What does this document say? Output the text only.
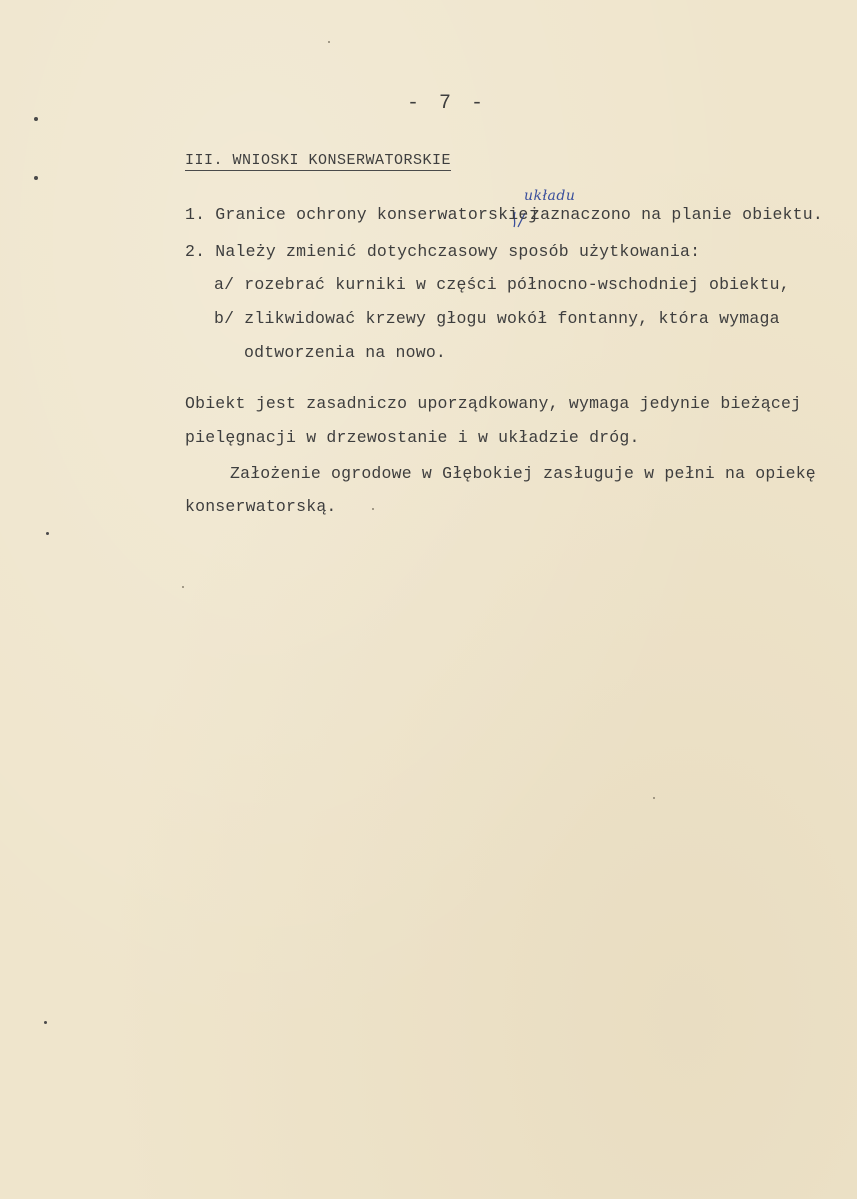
- 7 -
III. WNIOSKI KONSERWATORSKIE
układu
1. Granice ochrony konserwatorskiej
zaznaczono na planie obiektu.
2. Należy zmienić dotychczasowy sposób użytkowania:
a/ rozebrać kurniki w części północno-wschodniej obiektu,
b/ zlikwidować krzewy głogu wokół fontanny, która wymaga
odtworzenia na nowo.
Obiekt jest zasadniczo uporządkowany, wymaga jedynie bieżącej
pielęgnacji w drzewostanie i w układzie dróg.
Założenie ogrodowe w Głębokiej zasługuje w pełni na opiekę
konserwatorską.
